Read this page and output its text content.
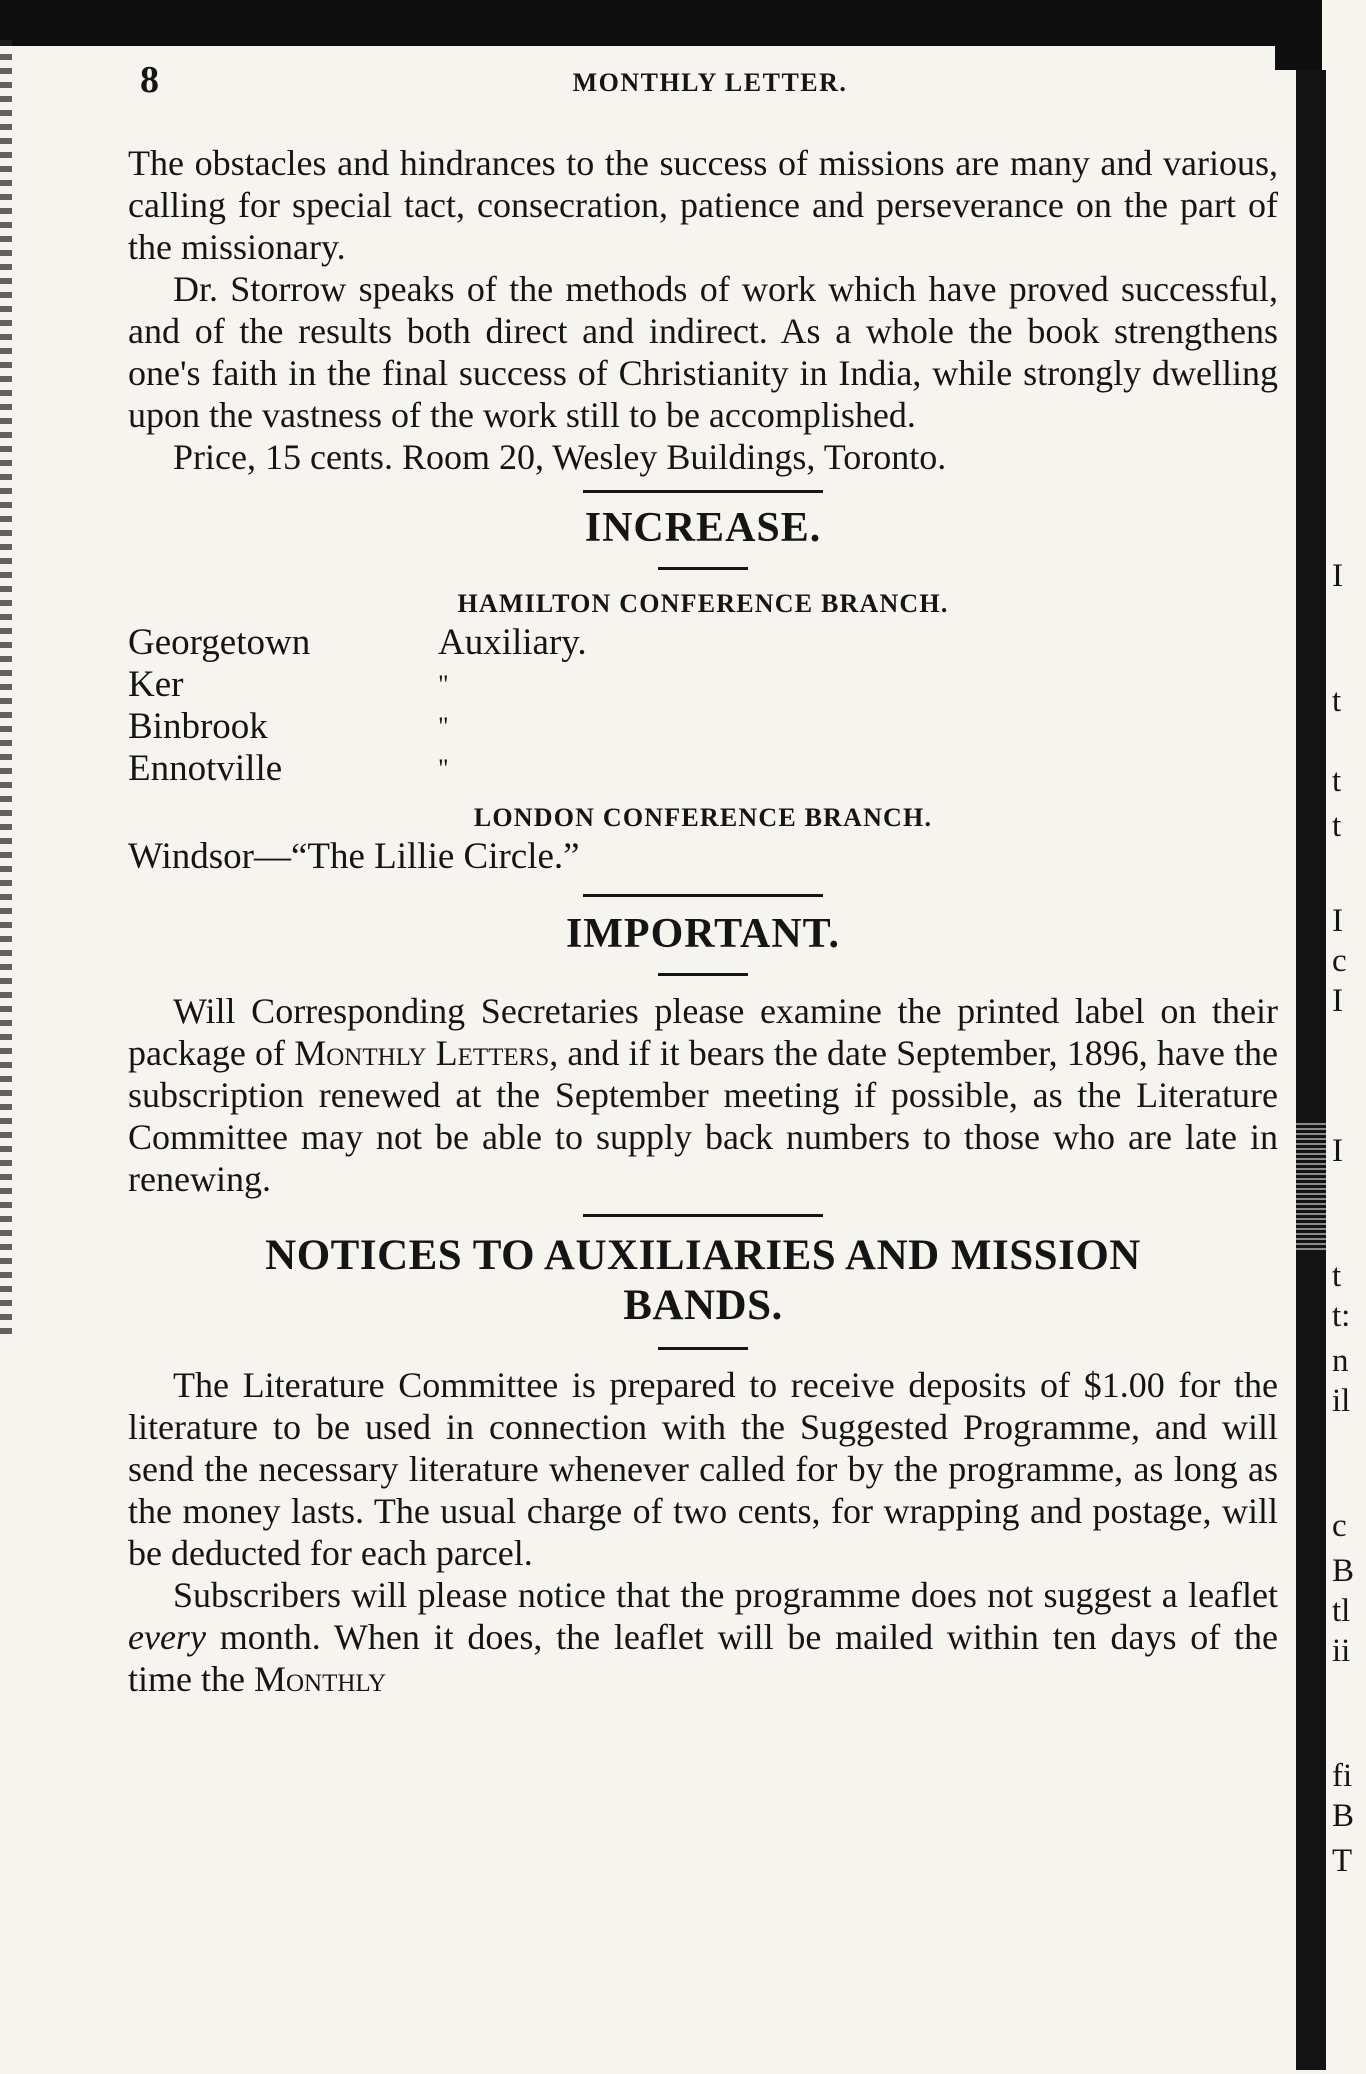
I
t
t
t
I
c
I
I
t
t:
n
il
c
B
tl
ii
fi
B
T
8	MONTHLY LETTER.

The obstacles and hindrances to the success of missions are many and various, calling for special tact, consecration, patience and perseverance on the part of the missionary.

Dr. Storrow speaks of the methods of work which have proved successful, and of the results both direct and indirect. As a whole the book strengthens one's faith in the final success of Christianity in India, while strongly dwelling upon the vastness of the work still to be accomplished.

Price, 15 cents. Room 20, Wesley Buildings, Toronto.

INCREASE.

HAMILTON CONFERENCE BRANCH.

Georgetown	Auxiliary.
Ker	"
Binbrook	"
Ennotville	"

LONDON CONFERENCE BRANCH.

Windsor—“The Lillie Circle.”
IMPORTANT.

Will Corresponding Secretaries please examine the printed label on their package of Monthly Letters, and if it bears the date September, 1896, have the subscription renewed at the September meeting if possible, as the Literature Committee may not be able to supply back numbers to those who are late in renewing.

NOTICES TO AUXILIARIES AND MISSION
BANDS.

The Literature Committee is prepared to receive deposits of $1.00 for the literature to be used in connection with the Suggested Programme, and will send the necessary literature whenever called for by the programme, as long as the money lasts. The usual charge of two cents, for wrapping and postage, will be deducted for each parcel.

Subscribers will please notice that the programme does not suggest a leaflet every month. When it does, the leaflet will be mailed within ten days of the time the Monthly
